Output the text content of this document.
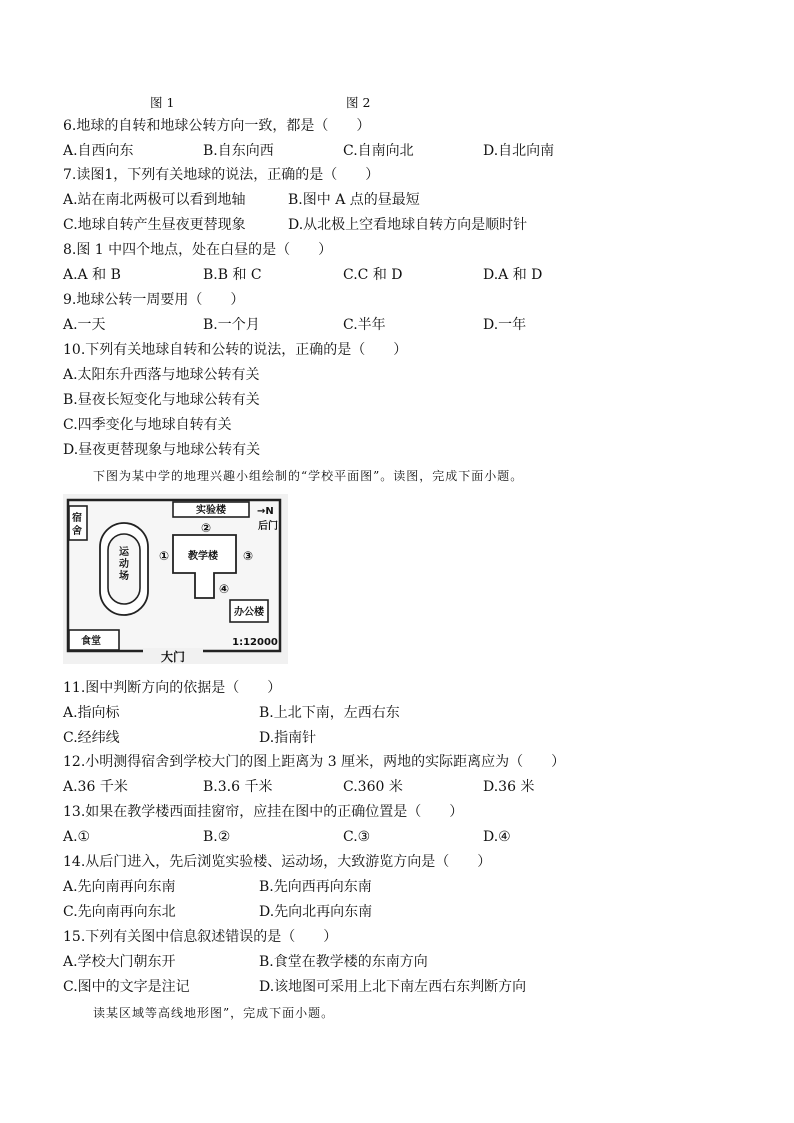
图 1	图 2
6.地球的自转和地球公转方向一致，都是（　　）
A.自西向东	B.自东向西	C.自南向北	D.自北向南
7.读图1，下列有关地球的说法，正确的是（　　）
A.站在南北两极可以看到地轴	B.图中 A 点的昼最短
C.地球自转产生昼夜更替现象	D.从北极上空看地球自转方向是顺时针
8.图 1 中四个地点，处在白昼的是（　　）
A.A 和 B	B.B 和 C	C.C 和 D	D.A 和 D
9.地球公转一周要用（　　）
A.一天	B.一个月	C.半年	D.一年
10.下列有关地球自转和公转的说法，正确的是（　　）
A.太阳东升西落与地球公转有关
B.昼夜长短变化与地球公转有关
C.四季变化与地球自转有关
D.昼夜更替现象与地球公转有关
下图为某中学的地理兴趣小组绘制的“学校平面图”。读图，完成下面小题。
实验楼	→N
后门
宿舍
运动场
教学楼
①
②
③
④
办公楼
食堂	1:12000
大门
11.图中判断方向的依据是（　　）
A.指向标	B.上北下南，左西右东
C.经纬线	D.指南针
12.小明测得宿舍到学校大门的图上距离为 3 厘米，两地的实际距离应为（　　）
A.36 千米	B.3.6 千米	C.360 米	D.36 米
13.如果在教学楼西面挂窗帘，应挂在图中的正确位置是（　　）
A.①	B.②	C.③	D.④
14.从后门进入，先后浏览实验楼、运动场，大致游览方向是（　　）
A.先向南再向东南	B.先向西再向东南
C.先向南再向东北	D.先向北再向东南
15.下列有关图中信息叙述错误的是（　　）
A.学校大门朝东开	B.食堂在教学楼的东南方向
C.图中的文字是注记	D.该地图可采用上北下南左西右东判断方向
读某区域等高线地形图”，完成下面小题。
